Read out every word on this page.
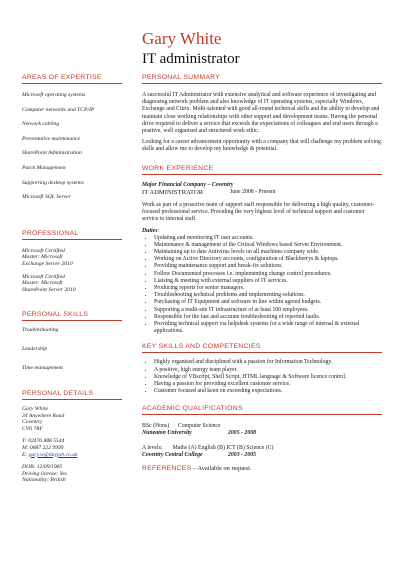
Gary White
IT administrator
AREAS OF EXPERTISE
Microsoft operating systems
Computer networks and TCP/IP
Network cabling
Preventative maintenance
SharePoint Administration
Patch Management
Supporting desktop systems
Microsoft SQL Server
PROFESSIONAL
Microsoft Certified
Master: Microsoft
Exchange Server 2010
Microsoft Certified
Master: Microsoft
SharePoint Server 2010
PERSONAL SKILLS
Troubleshooting
Leadership
Time management
PERSONAL DETAILS
Gary White
34 Anywhere Road
Coventry
CV6 7RF
T: 02476 888 5544
M: 0887 222 9999
E: gary.w@dayjob.co.uk
DOB: 12/09/1985
Driving license: Yes
Nationality: British
PERSONAL SUMMARY
A successful IT Administrator with extensive analytical and software experience of investigating and diagnosing network problem and also knowledge of IT operating systems, especially Windows, Exchange and Citrix. Multi-talented with good all-round technical skills and the ability to develop and maintain close working relationships with other support and development teams. Having the personal drive required to deliver a service that exceeds the expectations of colleagues and end users through a positive, well organised and structured work ethic.
Looking for a career advancement opportunity with a company that will challenge my problem solving skills and allow me to develop my knowledge & potential.
WORK EXPERIENCE
Major Financial Company – Coventry
IT ADMINISTRATOR	June 2008 - Present
Work as part of a proactive team of support staff responsible for delivering a high quality, customer-focused professional service. Providing the very highest level of technical support and customer service to internal staff.
Duties:
• Updating and monitoring IT user accounts.
• Maintenance & management of the Critical Windows based Server Environment.
• Maintaining up to date Antivirus levels on all machines company wide.
• Working on Active Directory accounts, configuration of Blackberrys & laptops.
• Providing maintenance support and break-fix solutions.
• Follow Documented processes i.e. implementing change control procedures.
• Liaising & meeting with external suppliers of IT services.
• Producing reports for senior managers.
• Troubleshooting technical problems and implementing solutions.
• Purchasing of IT Equipment and software in line within agreed budgets.
• Supporting a multi-site IT infrastructure of at least 100 employees.
• Responsible for the fast and accurate troubleshooting of reported faults.
• Providing technical support via helpdesk systems for a wide range of internal & external applications.
KEY SKILLS AND COMPETENCIES
• Highly organised and disciplined with a passion for Information Technology.
• A positive, high energy team player.
• Knowledge of VBscript, Shell Script, HTML language & Software licence control.
• Having a passion for providing excellent customer service.
• Customer focused and keen on exceeding expectations.
ACADEMIC QUALIFICATIONS
BSc (Hons)      Computer Science
Nuneaton University	2005 - 2008
A levels:       Maths (A) English (B) ICT (B) Science (C)
Coventry Central College	2003 - 2005
REFERENCES – Available on request.
